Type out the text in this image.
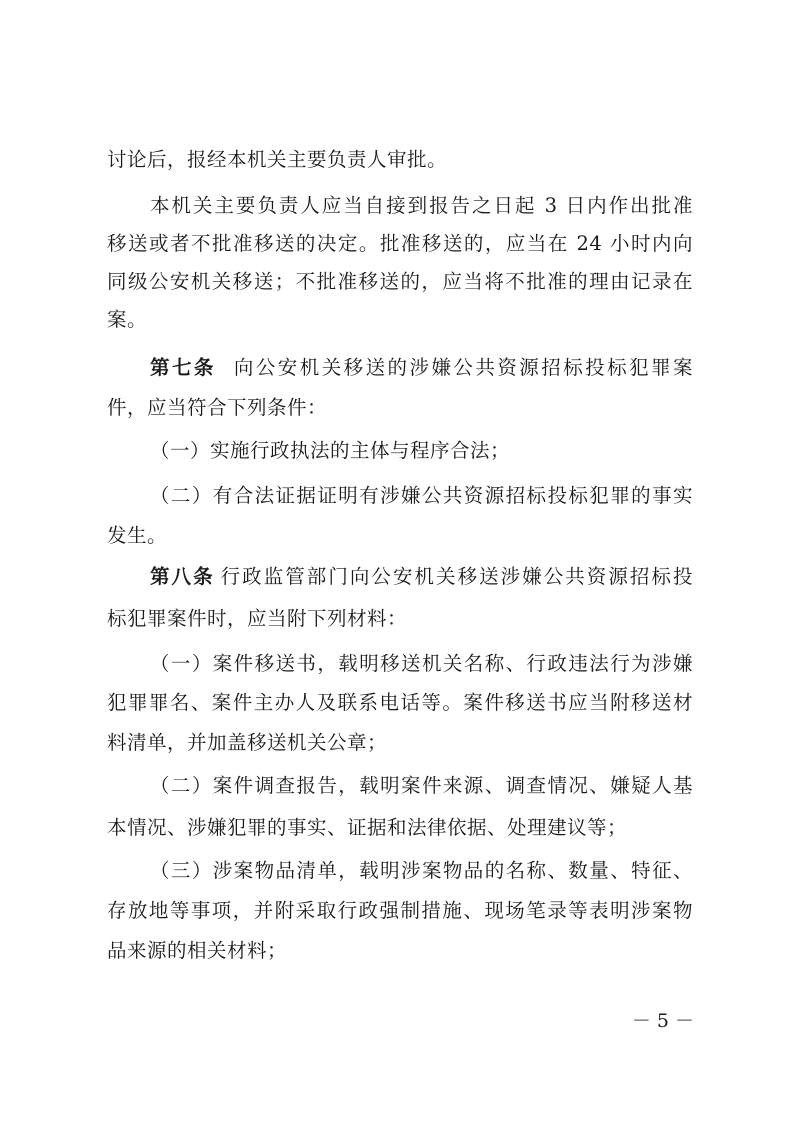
讨论后，报经本机关主要负责人审批。
本机关主要负责人应当自接到报告之日起 3 日内作出批准
移送或者不批准移送的决定。批准移送的，应当在 24 小时内向
同级公安机关移送；不批准移送的，应当将不批准的理由记录在
案。
第七条 向公安机关移送的涉嫌公共资源招标投标犯罪案
件，应当符合下列条件：
（一）实施行政执法的主体与程序合法；
（二）有合法证据证明有涉嫌公共资源招标投标犯罪的事实
发生。
第八条 行政监管部门向公安机关移送涉嫌公共资源招标投
标犯罪案件时，应当附下列材料：
（一）案件移送书，载明移送机关名称、行政违法行为涉嫌
犯罪罪名、案件主办人及联系电话等。案件移送书应当附移送材
料清单，并加盖移送机关公章；
（二）案件调查报告，载明案件来源、调查情况、嫌疑人基
本情况、涉嫌犯罪的事实、证据和法律依据、处理建议等；
（三）涉案物品清单，载明涉案物品的名称、数量、特征、
存放地等事项，并附采取行政强制措施、现场笔录等表明涉案物
品来源的相关材料；
－ 5 －
